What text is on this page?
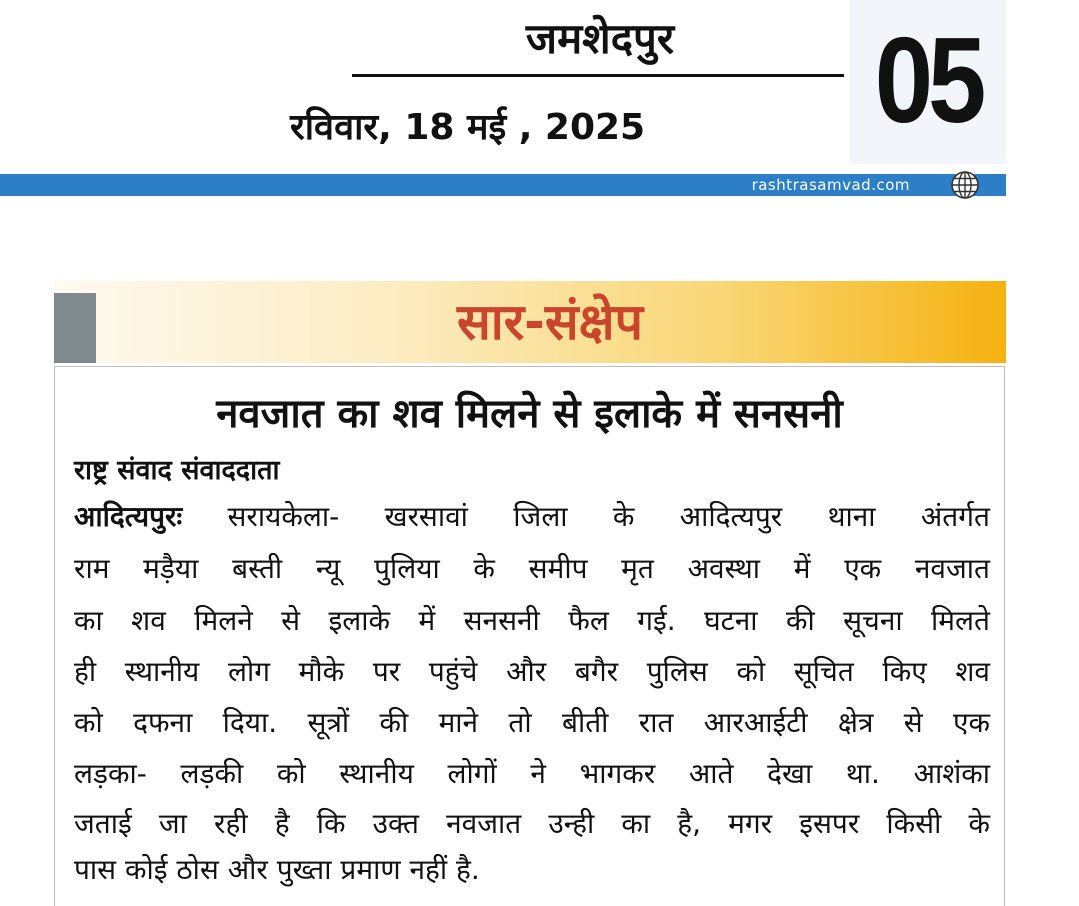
जमशेदपुर
रविवार, 18 मई , 2025	05
rashtrasamvad.com
सार-संक्षेप
नवजात का शव मिलने से इलाके में सनसनी
राष्ट्र संवाद संवाददाता
आदित्यपुरः सरायकेला- खरसावां जिला के आदित्यपुर थाना अंतर्गत
राम मड़ैया बस्ती न्यू पुलिया के समीप मृत अवस्था में एक नवजात
का शव मिलने से इलाके में सनसनी फैल गई. घटना की सूचना मिलते
ही स्थानीय लोग मौके पर पहुंचे और बगैर पुलिस को सूचित किए शव
को दफना दिया. सूत्रों की माने तो बीती रात आरआईटी क्षेत्र से एक
लड़का- लड़की को स्थानीय लोगों ने भागकर आते देखा था. आशंका
जताई जा रही है कि उक्त नवजात उन्ही का है, मगर इसपर किसी के
पास कोई ठोस और पुख्ता प्रमाण नहीं है.
